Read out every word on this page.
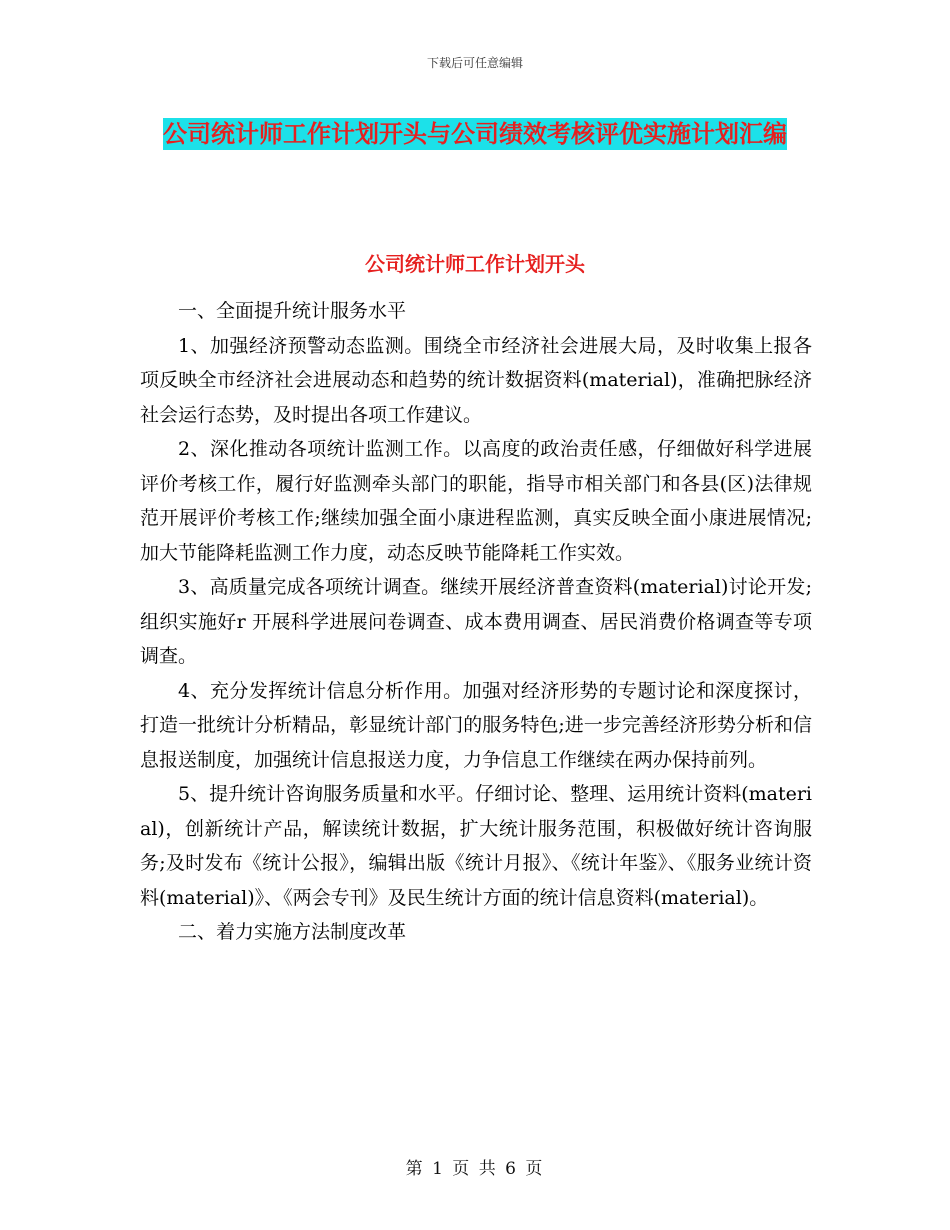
下载后可任意编辑
公司统计师工作计划开头与公司绩效考核评优实施计划汇编
公司统计师工作计划开头

一、全面提升统计服务水平

1、加强经济预警动态监测。围绕全市经济社会进展大局，及时收集上报各项反映全市经济社会进展动态和趋势的统计数据资料(material)，准确把脉经济社会运行态势，及时提出各项工作建议。

2、深化推动各项统计监测工作。以高度的政治责任感，仔细做好科学进展评价考核工作，履行好监测牵头部门的职能，指导市相关部门和各县(区)法律规范开展评价考核工作;继续加强全面小康进程监测，真实反映全面小康进展情况;加大节能降耗监测工作力度，动态反映节能降耗工作实效。

3、高质量完成各项统计调查。继续开展经济普查资料(material)讨论开发;组织实施好r 开展科学进展问卷调查、成本费用调查、居民消费价格调查等专项调查。

4、充分发挥统计信息分析作用。加强对经济形势的专题讨论和深度探讨，打造一批统计分析精品，彰显统计部门的服务特色;进一步完善经济形势分析和信息报送制度，加强统计信息报送力度，力争信息工作继续在两办保持前列。

5、提升统计咨询服务质量和水平。仔细讨论、整理、运用统计资料(material)，创新统计产品，解读统计数据，扩大统计服务范围，积极做好统计咨询服务;及时发布《统计公报》，编辑出版《统计月报》、《统计年鉴》、《服务业统计资料(material)》、《两会专刊》及民生统计方面的统计信息资料(material)。

二、着力实施方法制度改革

第 1 页 共 6 页
